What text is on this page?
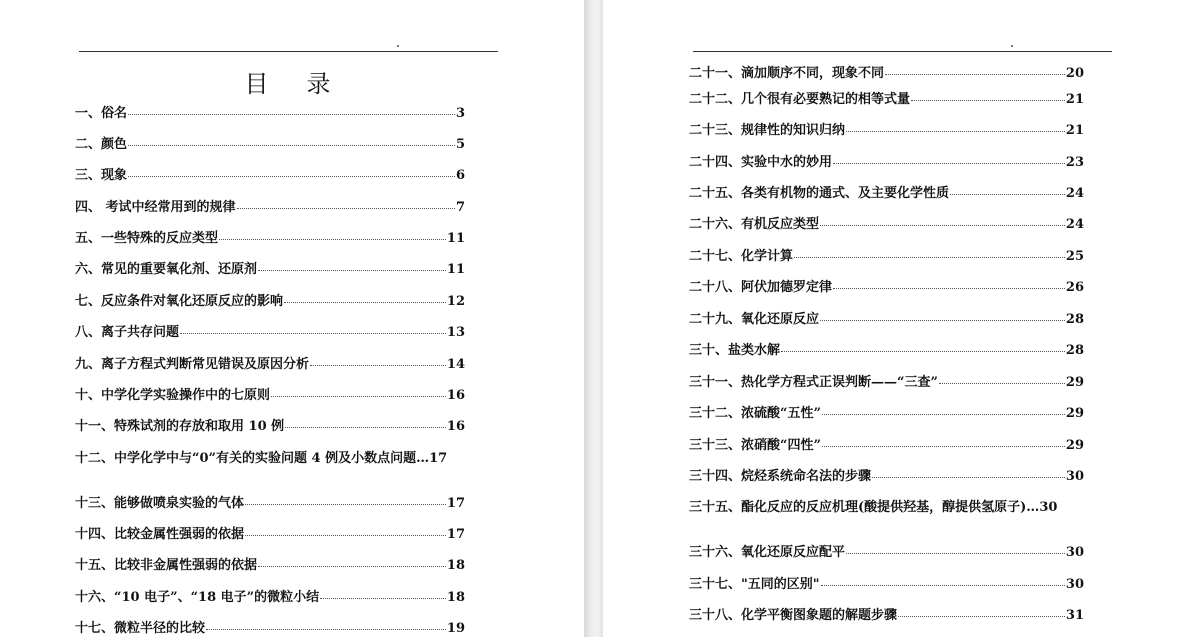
目 录
一、俗名	3
二、颜色	5
三、现象	6
四、 考试中经常用到的规律	7
五、一些特殊的反应类型	11
六、常见的重要氧化剂、还原剂	11
七、反应条件对氧化还原反应的影响	12
八、离子共存问题	13
九、离子方程式判断常见错误及原因分析	14
十、中学化学实验操作中的七原则	16
十一、特殊试剂的存放和取用 10 例	16
十二、中学化学中与“0”有关的实验问题 4 例及小数点问题… 17
十三、能够做喷泉实验的气体	17
十四、比较金属性强弱的依据	17
十五、比较非金属性强弱的依据	18
十六、“10 电子”、“18 电子”的微粒小结	18
十七、微粒半径的比较	19
二十一、滴加顺序不同，现象不同	20
二十二、几个很有必要熟记的相等式量	21
二十三、规律性的知识归纳	21
二十四、实验中水的妙用	23
二十五、各类有机物的通式、及主要化学性质	24
二十六、有机反应类型	24
二十七、化学计算	25
二十八、阿伏加德罗定律	26
二十九、氧化还原反应	28
三十、盐类水解	28
三十一、热化学方程式正误判断——“三查”	29
三十二、浓硫酸“五性”	29
三十三、浓硝酸“四性”	29
三十四、烷烃系统命名法的步骤	30
三十五、酯化反应的反应机理(酸提供羟基，醇提供氢原子)… 30
三十六、氧化还原反应配平	30
三十七、"五同的区别"	30
三十八、化学平衡图象题的解题步骤	31
